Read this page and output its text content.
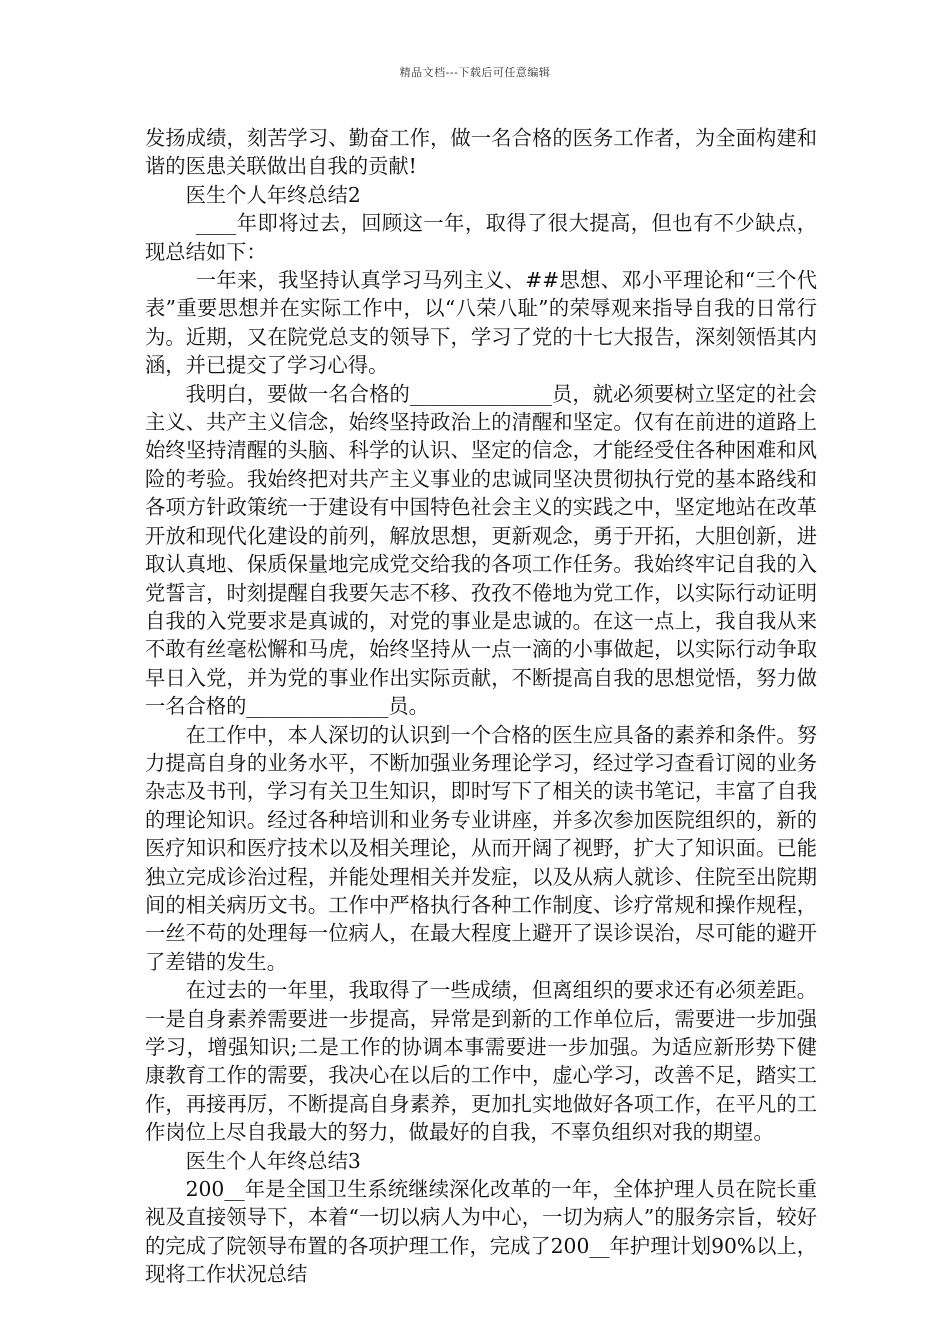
精品文档---下载后可任意编辑

发扬成绩，刻苦学习、勤奋工作，做一名合格的医务工作者，为全面构建和谐的医患关联做出自我的贡献!

医生个人年终总结2

____年即将过去，回顾这一年，取得了很大提高，但也有不少缺点，现总结如下：

一年来，我坚持认真学习马列主义、##思想、邓小平理论和“三个代表”重要思想并在实际工作中，以“八荣八耻”的荣辱观来指导自我的日常行为。近期，又在院党总支的领导下，学习了党的十七大报告，深刻领悟其内涵，并已提交了学习心得。

我明白，要做一名合格的______________员，就必须要树立坚定的社会主义、共产主义信念，始终坚持政治上的清醒和坚定。仅有在前进的道路上始终坚持清醒的头脑、科学的认识、坚定的信念，才能经受住各种困难和风险的考验。我始终把对共产主义事业的忠诚同坚决贯彻执行党的基本路线和各项方针政策统一于建设有中国特色社会主义的实践之中，坚定地站在改革开放和现代化建设的前列，解放思想，更新观念，勇于开拓，大胆创新，进取认真地、保质保量地完成党交给我的各项工作任务。我始终牢记自我的入党誓言，时刻提醒自我要矢志不移、孜孜不倦地为党工作，以实际行动证明自我的入党要求是真诚的，对党的事业是忠诚的。在这一点上，我自我从来不敢有丝毫松懈和马虎，始终坚持从一点一滴的小事做起，以实际行动争取早日入党，并为党的事业作出实际贡献，不断提高自我的思想觉悟，努力做一名合格的______________员。

在工作中，本人深切的认识到一个合格的医生应具备的素养和条件。努力提高自身的业务水平，不断加强业务理论学习，经过学习查看订阅的业务杂志及书刊，学习有关卫生知识，即时写下了相关的读书笔记，丰富了自我的理论知识。经过各种培训和业务专业讲座，并多次参加医院组织的，新的医疗知识和医疗技术以及相关理论，从而开阔了视野，扩大了知识面。已能独立完成诊治过程，并能处理相关并发症，以及从病人就诊、住院至出院期间的相关病历文书。工作中严格执行各种工作制度、诊疗常规和操作规程，一丝不苟的处理每一位病人，在最大程度上避开了误诊误治，尽可能的避开了差错的发生。

在过去的一年里，我取得了一些成绩，但离组织的要求还有必须差距。一是自身素养需要进一步提高，异常是到新的工作单位后，需要进一步加强学习，增强知识;二是工作的协调本事需要进一步加强。为适应新形势下健康教育工作的需要，我决心在以后的工作中，虚心学习，改善不足，踏实工作，再接再厉，不断提高自身素养，更加扎实地做好各项工作，在平凡的工作岗位上尽自我最大的努力，做最好的自我，不辜负组织对我的期望。

医生个人年终总结3

200__年是全国卫生系统继续深化改革的一年，全体护理人员在院长重视及直接领导下，本着“一切以病人为中心，一切为病人”的服务宗旨，较好的完成了院领导布置的各项护理工作，完成了200__年护理计划90%以上，现将工作状况总结
